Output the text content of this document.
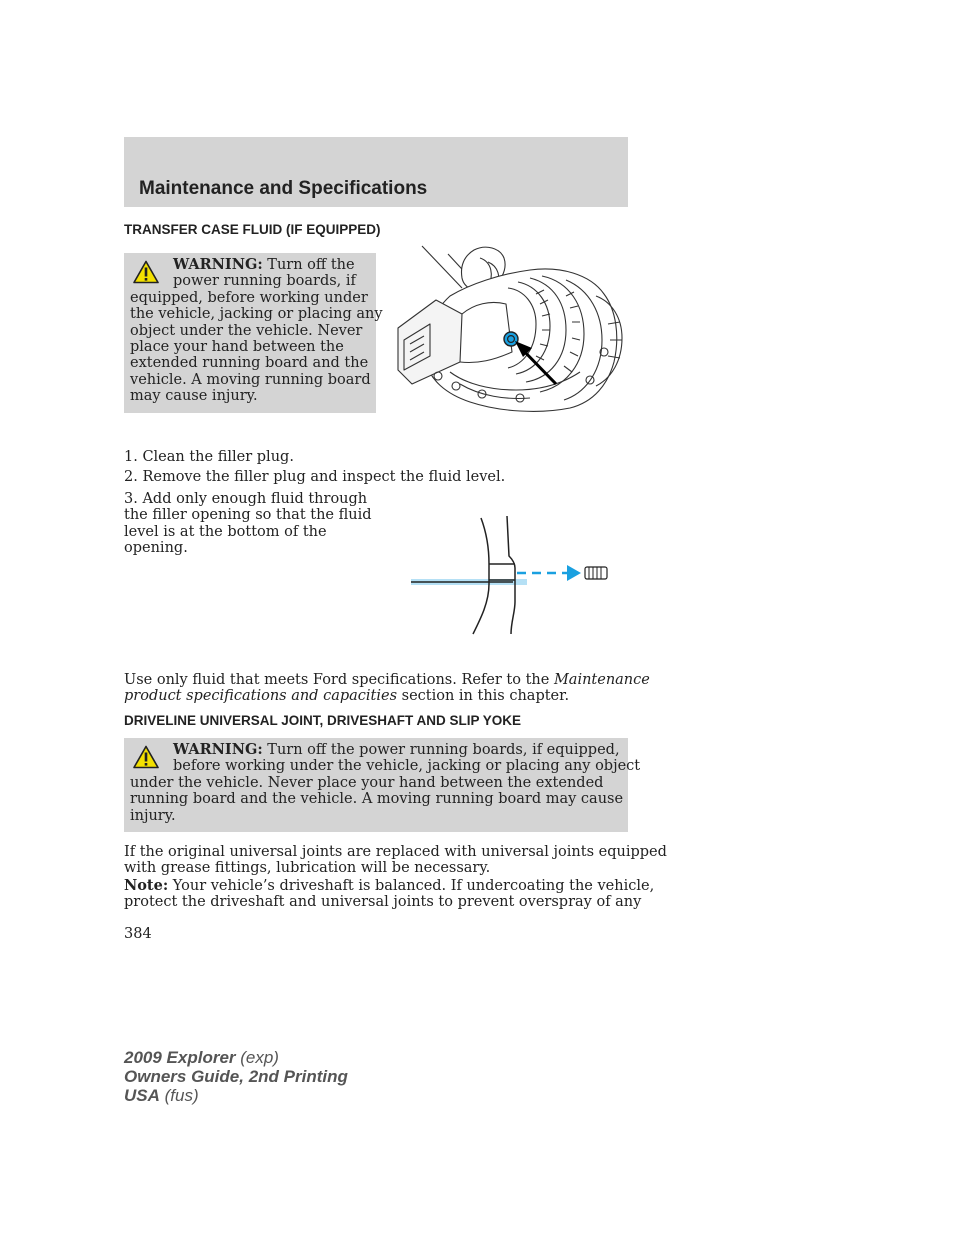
Maintenance and Specifications
TRANSFER CASE FLUID (IF EQUIPPED)
WARNING: Turn off the
power running boards, if
equipped, before working under
the vehicle, jacking or placing any
object under the vehicle. Never
place your hand between the
extended running board and the
vehicle. A moving running board
may cause injury.
1. Clean the filler plug.
2. Remove the filler plug and inspect the fluid level.
3. Add only enough fluid through
the filler opening so that the fluid
level is at the bottom of the
opening.
Use only fluid that meets Ford specifications. Refer to the Maintenance
product specifications and capacities section in this chapter.
DRIVELINE UNIVERSAL JOINT, DRIVESHAFT AND SLIP YOKE
WARNING: Turn off the power running boards, if equipped,
before working under the vehicle, jacking or placing any object
under the vehicle. Never place your hand between the extended
running board and the vehicle. A moving running board may cause
injury.
If the original universal joints are replaced with universal joints equipped
with grease fittings, lubrication will be necessary.
Note: Your vehicle’s driveshaft is balanced. If undercoating the vehicle,
protect the driveshaft and universal joints to prevent overspray of any
384
2009 Explorer (exp)
Owners Guide, 2nd Printing
USA (fus)
